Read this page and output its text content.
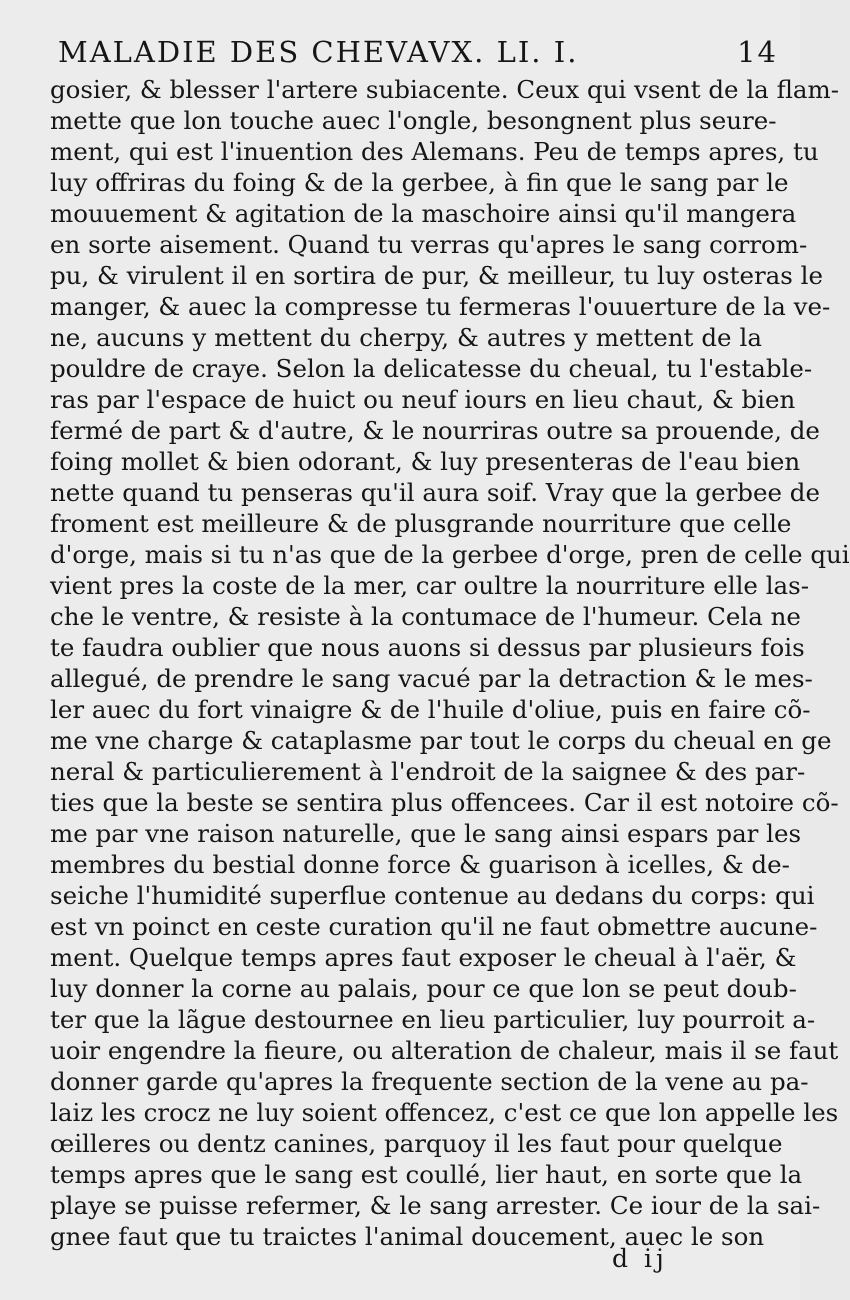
MALADIE DES CHEVAVX. LI. I.	14
gosier, & blesser l'artere subiacente. Ceux qui vsent de la flam-
mette que lon touche auec l'ongle, besongnent plus seure-
ment, qui est l'inuention des Alemans. Peu de temps apres, tu
luy offriras du foing & de la gerbee, à fin que le sang par le
mouuement & agitation de la maschoire ainsi qu'il mangera
en sorte aisement. Quand tu verras qu'apres le sang corrom-
pu, & virulent il en sortira de pur, & meilleur, tu luy osteras le
manger, & auec la compresse tu fermeras l'ouuerture de la ve-
ne, aucuns y mettent du cherpy, & autres y mettent de la
pouldre de craye. Selon la delicatesse du cheual, tu l'establе-
ras par l'espace de huict ou neuf iours en lieu chaut, & bien
fermé de part & d'autre, & le nourriras outre sa prouende, de
foing mollet & bien odorant, & luy presenteras de l'eau bien
nette quand tu penseras qu'il aura soif. Vray que la gerbee de
froment est meilleure & de plusgrande nourriture que celle
d'orge, mais si tu n'as que de la gerbee d'orge, pren de celle qui
vient pres la coste de la mer, car oultre la nourriture elle las-
che le ventre, & resiste à la contumace de l'humeur. Cela ne
te faudra oublier que nous auons si dessus par plusieurs fois
allegué, de prendre le sang vacué par la detraction & le mes-
ler auec du fort vinaigre & de l'huile d'oliue, puis en faire cõ-
me vne charge & cataplasme par tout le corps du cheual en ge
neral & particulierement à l'endroit de la saignee & des par-
ties que la beste se sentira plus offencees. Car il est notoire cõ-
me par vne raison naturelle, que le sang ainsi espars par les
membres du bestial donne force & guarison à icelles, & de-
seiche l'humidité superflue contenue au dedans du corps: qui
est vn poinct en ceste curation qu'il ne faut obmettre aucune-
ment. Quelque temps apres faut exposer le cheual à l'aër, &
luy donner la corne au palais, pour ce que lon se peut doub-
ter que la lãgue destournee en lieu particulier, luy pourroit a-
uoir engendre la fieure, ou alteration de chaleur, mais il se faut
donner garde qu'apres la frequente section de la vene au pa-
laiz les crocz ne luy soient offencez, c'est ce que lon appelle les
œilleres ou dentz canines, parquoy il les faut pour quelque
temps apres que le sang est coullé, lier haut, en sorte que la
playe se puisse refermer, & le sang arrester. Ce iour de la sai-
gnee faut que tu traictes l'animal doucement, auec le son
d ij
